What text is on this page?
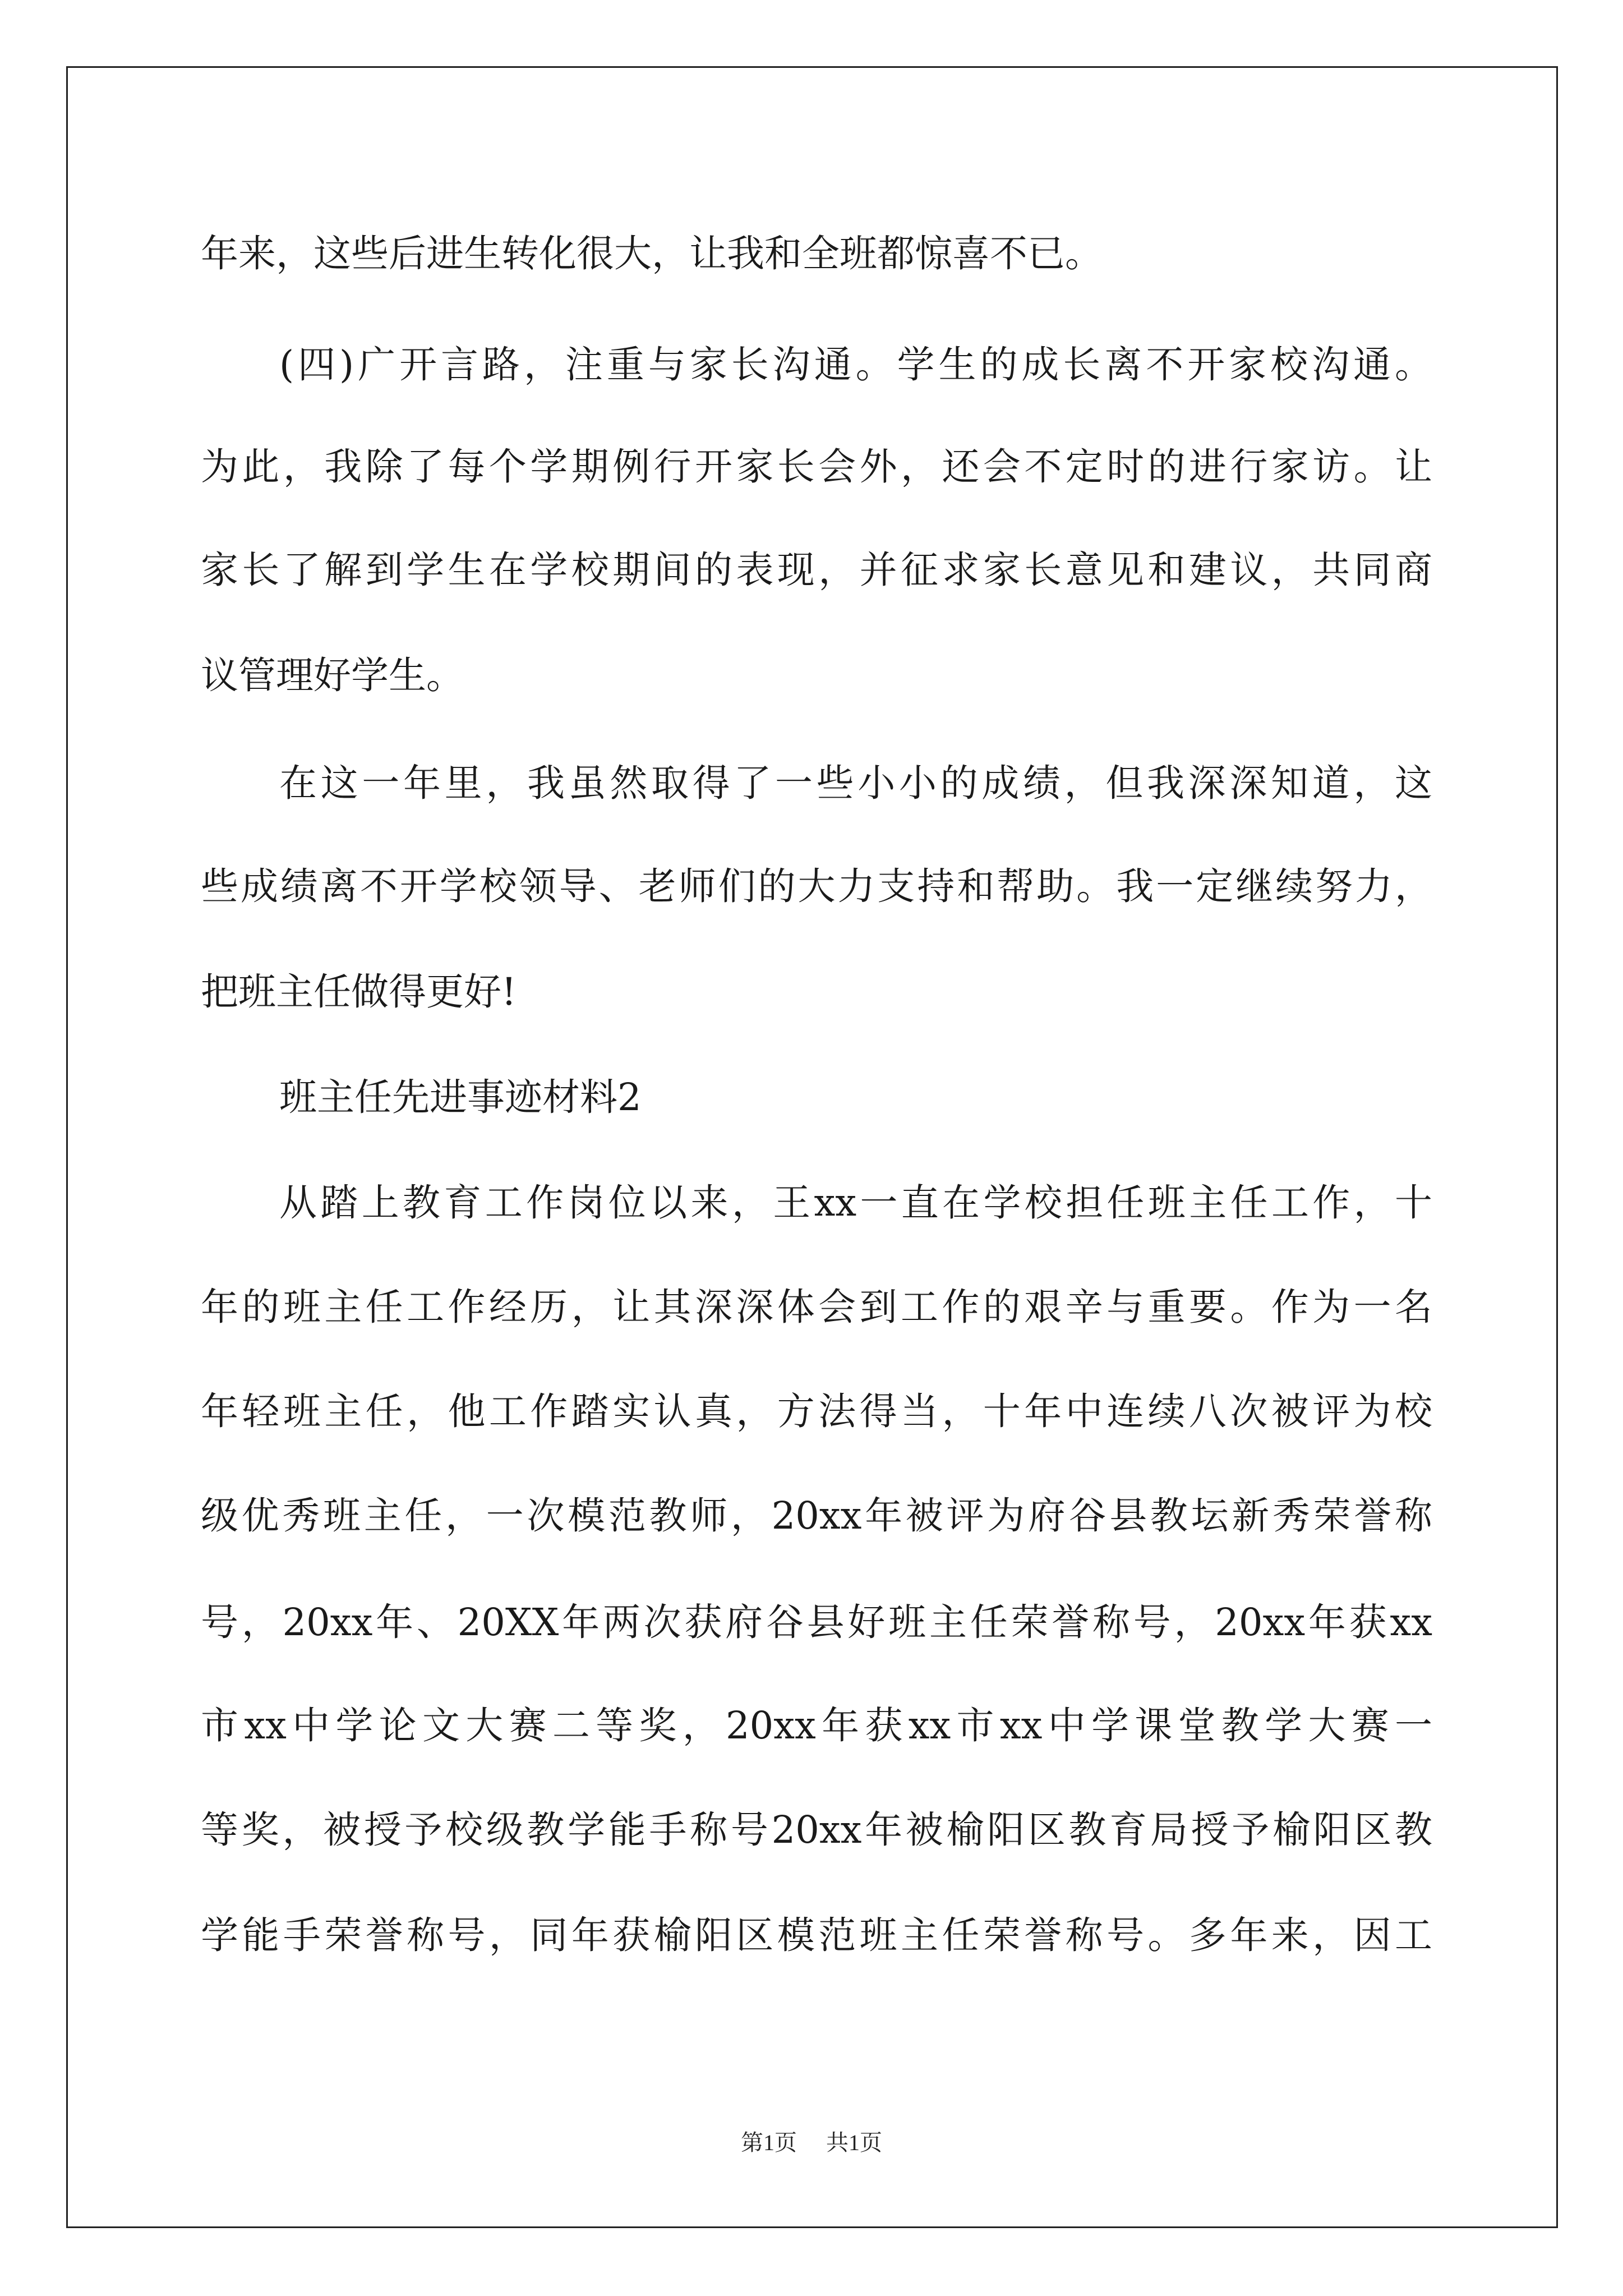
年来，这些后进生转化很大，让我和全班都惊喜不已。
(四)广开言路，注重与家长沟通。学生的成长离不开家校沟通。
为此，我除了每个学期例行开家长会外，还会不定时的进行家访。让
家长了解到学生在学校期间的表现，并征求家长意见和建议，共同商
议管理好学生。
在这一年里，我虽然取得了一些小小的成绩，但我深深知道，这
些成绩离不开学校领导、老师们的大力支持和帮助。我一定继续努力，
把班主任做得更好!
班主任先进事迹材料2
从踏上教育工作岗位以来，王xx一直在学校担任班主任工作，十
年的班主任工作经历，让其深深体会到工作的艰辛与重要。作为一名
年轻班主任，他工作踏实认真，方法得当，十年中连续八次被评为校
级优秀班主任，一次模范教师，20xx年被评为府谷县教坛新秀荣誉称
号，20xx年、20XX年两次获府谷县好班主任荣誉称号，20xx年获xx
市xx中学论文大赛二等奖，20xx年获xx市xx中学课堂教学大赛一
等奖，被授予校级教学能手称号20xx年被榆阳区教育局授予榆阳区教
学能手荣誉称号，同年获榆阳区模范班主任荣誉称号。多年来，因工
第1页 共1页
